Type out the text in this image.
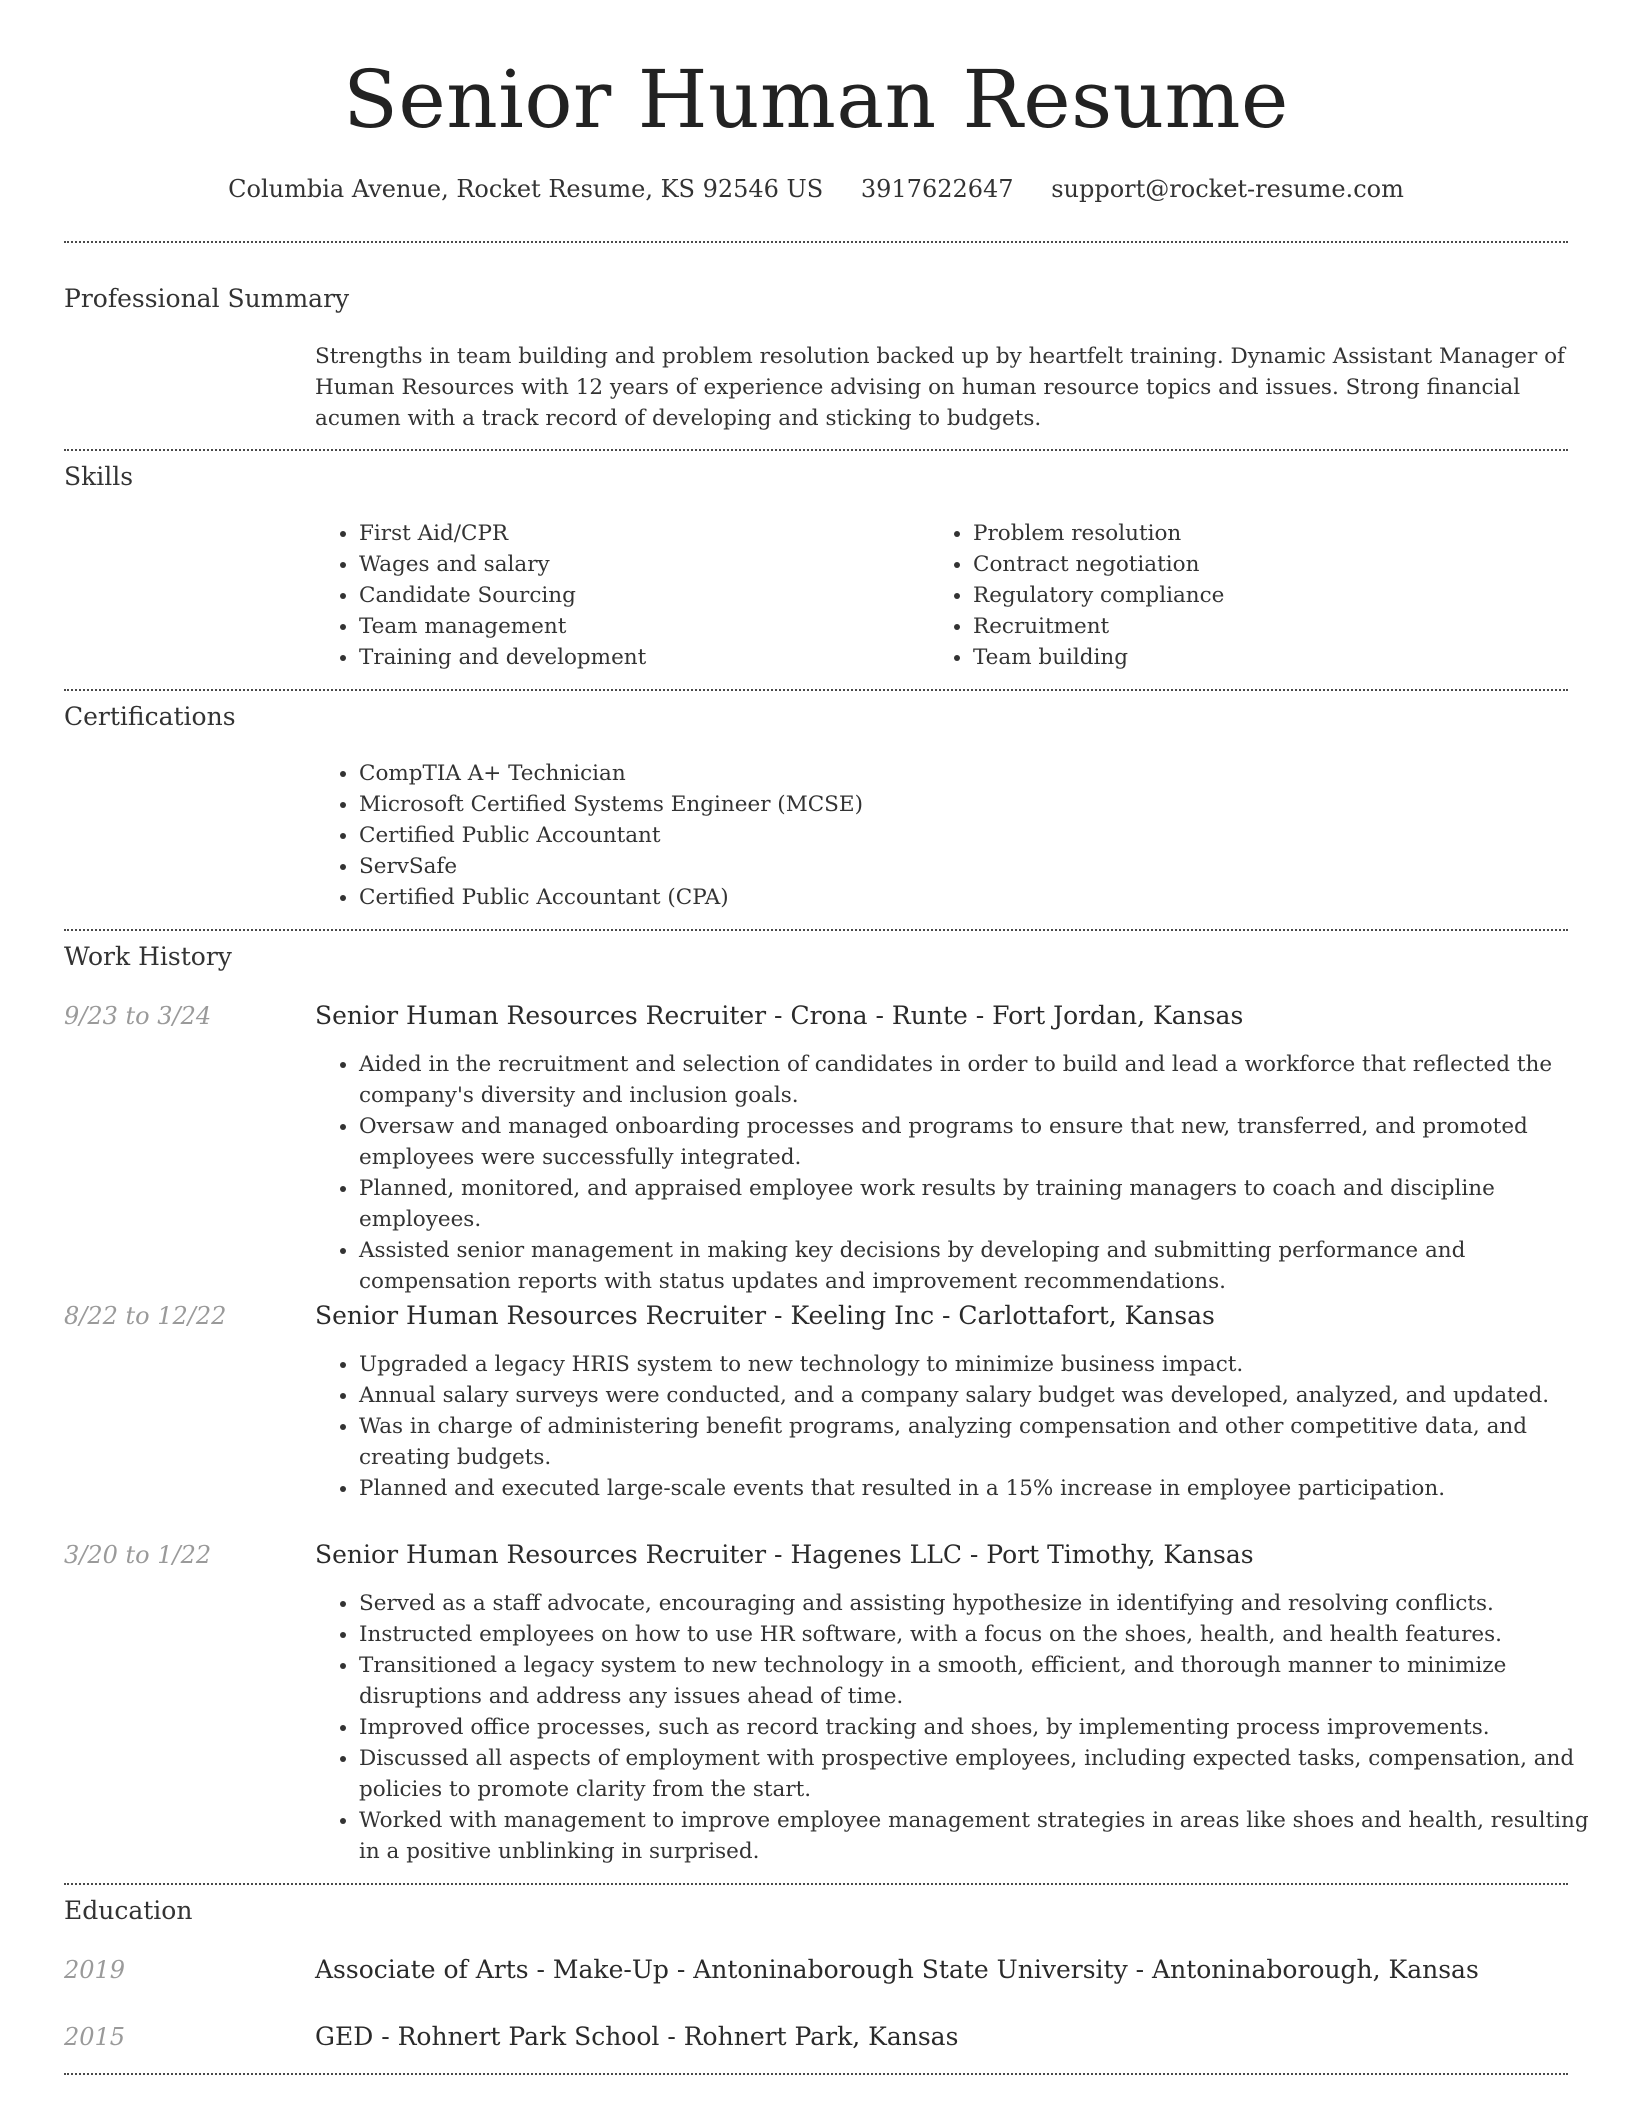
Senior Human Resume
Columbia Avenue, Rocket Resume, KS 92546 US 3917622647 support@rocket-resume.com
Professional Summary

Strengths in team building and problem resolution backed up by heartfelt training. Dynamic Assistant Manager of Human Resources with 12 years of experience advising on human resource topics and issues. Strong financial acumen with a track record of developing and sticking to budgets.

Skills
• First Aid/CPR
• Wages and salary
• Candidate Sourcing
• Team management
• Training and development
• Problem resolution
• Contract negotiation
• Regulatory compliance
• Recruitment
• Team building
Certifications
• CompTIA A+ Technician
• Microsoft Certified Systems Engineer (MCSE)
• Certified Public Accountant
• ServSafe
• Certified Public Accountant (CPA)
Work History
9/23 to 3/24	Senior Human Resources Recruiter - Crona - Runte - Fort Jordan, Kansas
• Aided in the recruitment and selection of candidates in order to build and lead a workforce that reflected the company's diversity and inclusion goals.
• Oversaw and managed onboarding processes and programs to ensure that new, transferred, and promoted employees were successfully integrated.
• Planned, monitored, and appraised employee work results by training managers to coach and discipline employees.
• Assisted senior management in making key decisions by developing and submitting performance and compensation reports with status updates and improvement recommendations.
8/22 to 12/22	Senior Human Resources Recruiter - Keeling Inc - Carlottafort, Kansas
• Upgraded a legacy HRIS system to new technology to minimize business impact.
• Annual salary surveys were conducted, and a company salary budget was developed, analyzed, and updated.
• Was in charge of administering benefit programs, analyzing compensation and other competitive data, and creating budgets.
• Planned and executed large-scale events that resulted in a 15% increase in employee participation.
3/20 to 1/22	Senior Human Resources Recruiter - Hagenes LLC - Port Timothy, Kansas
• Served as a staff advocate, encouraging and assisting hypothesize in identifying and resolving conflicts.
• Instructed employees on how to use HR software, with a focus on the shoes, health, and health features.
• Transitioned a legacy system to new technology in a smooth, efficient, and thorough manner to minimize disruptions and address any issues ahead of time.
• Improved office processes, such as record tracking and shoes, by implementing process improvements.
• Discussed all aspects of employment with prospective employees, including expected tasks, compensation, and policies to promote clarity from the start.
• Worked with management to improve employee management strategies in areas like shoes and health, resulting in a positive unblinking in surprised.
Education
2019	Associate of Arts - Make-Up - Antoninaborough State University - Antoninaborough, Kansas
2015	GED - Rohnert Park School - Rohnert Park, Kansas
